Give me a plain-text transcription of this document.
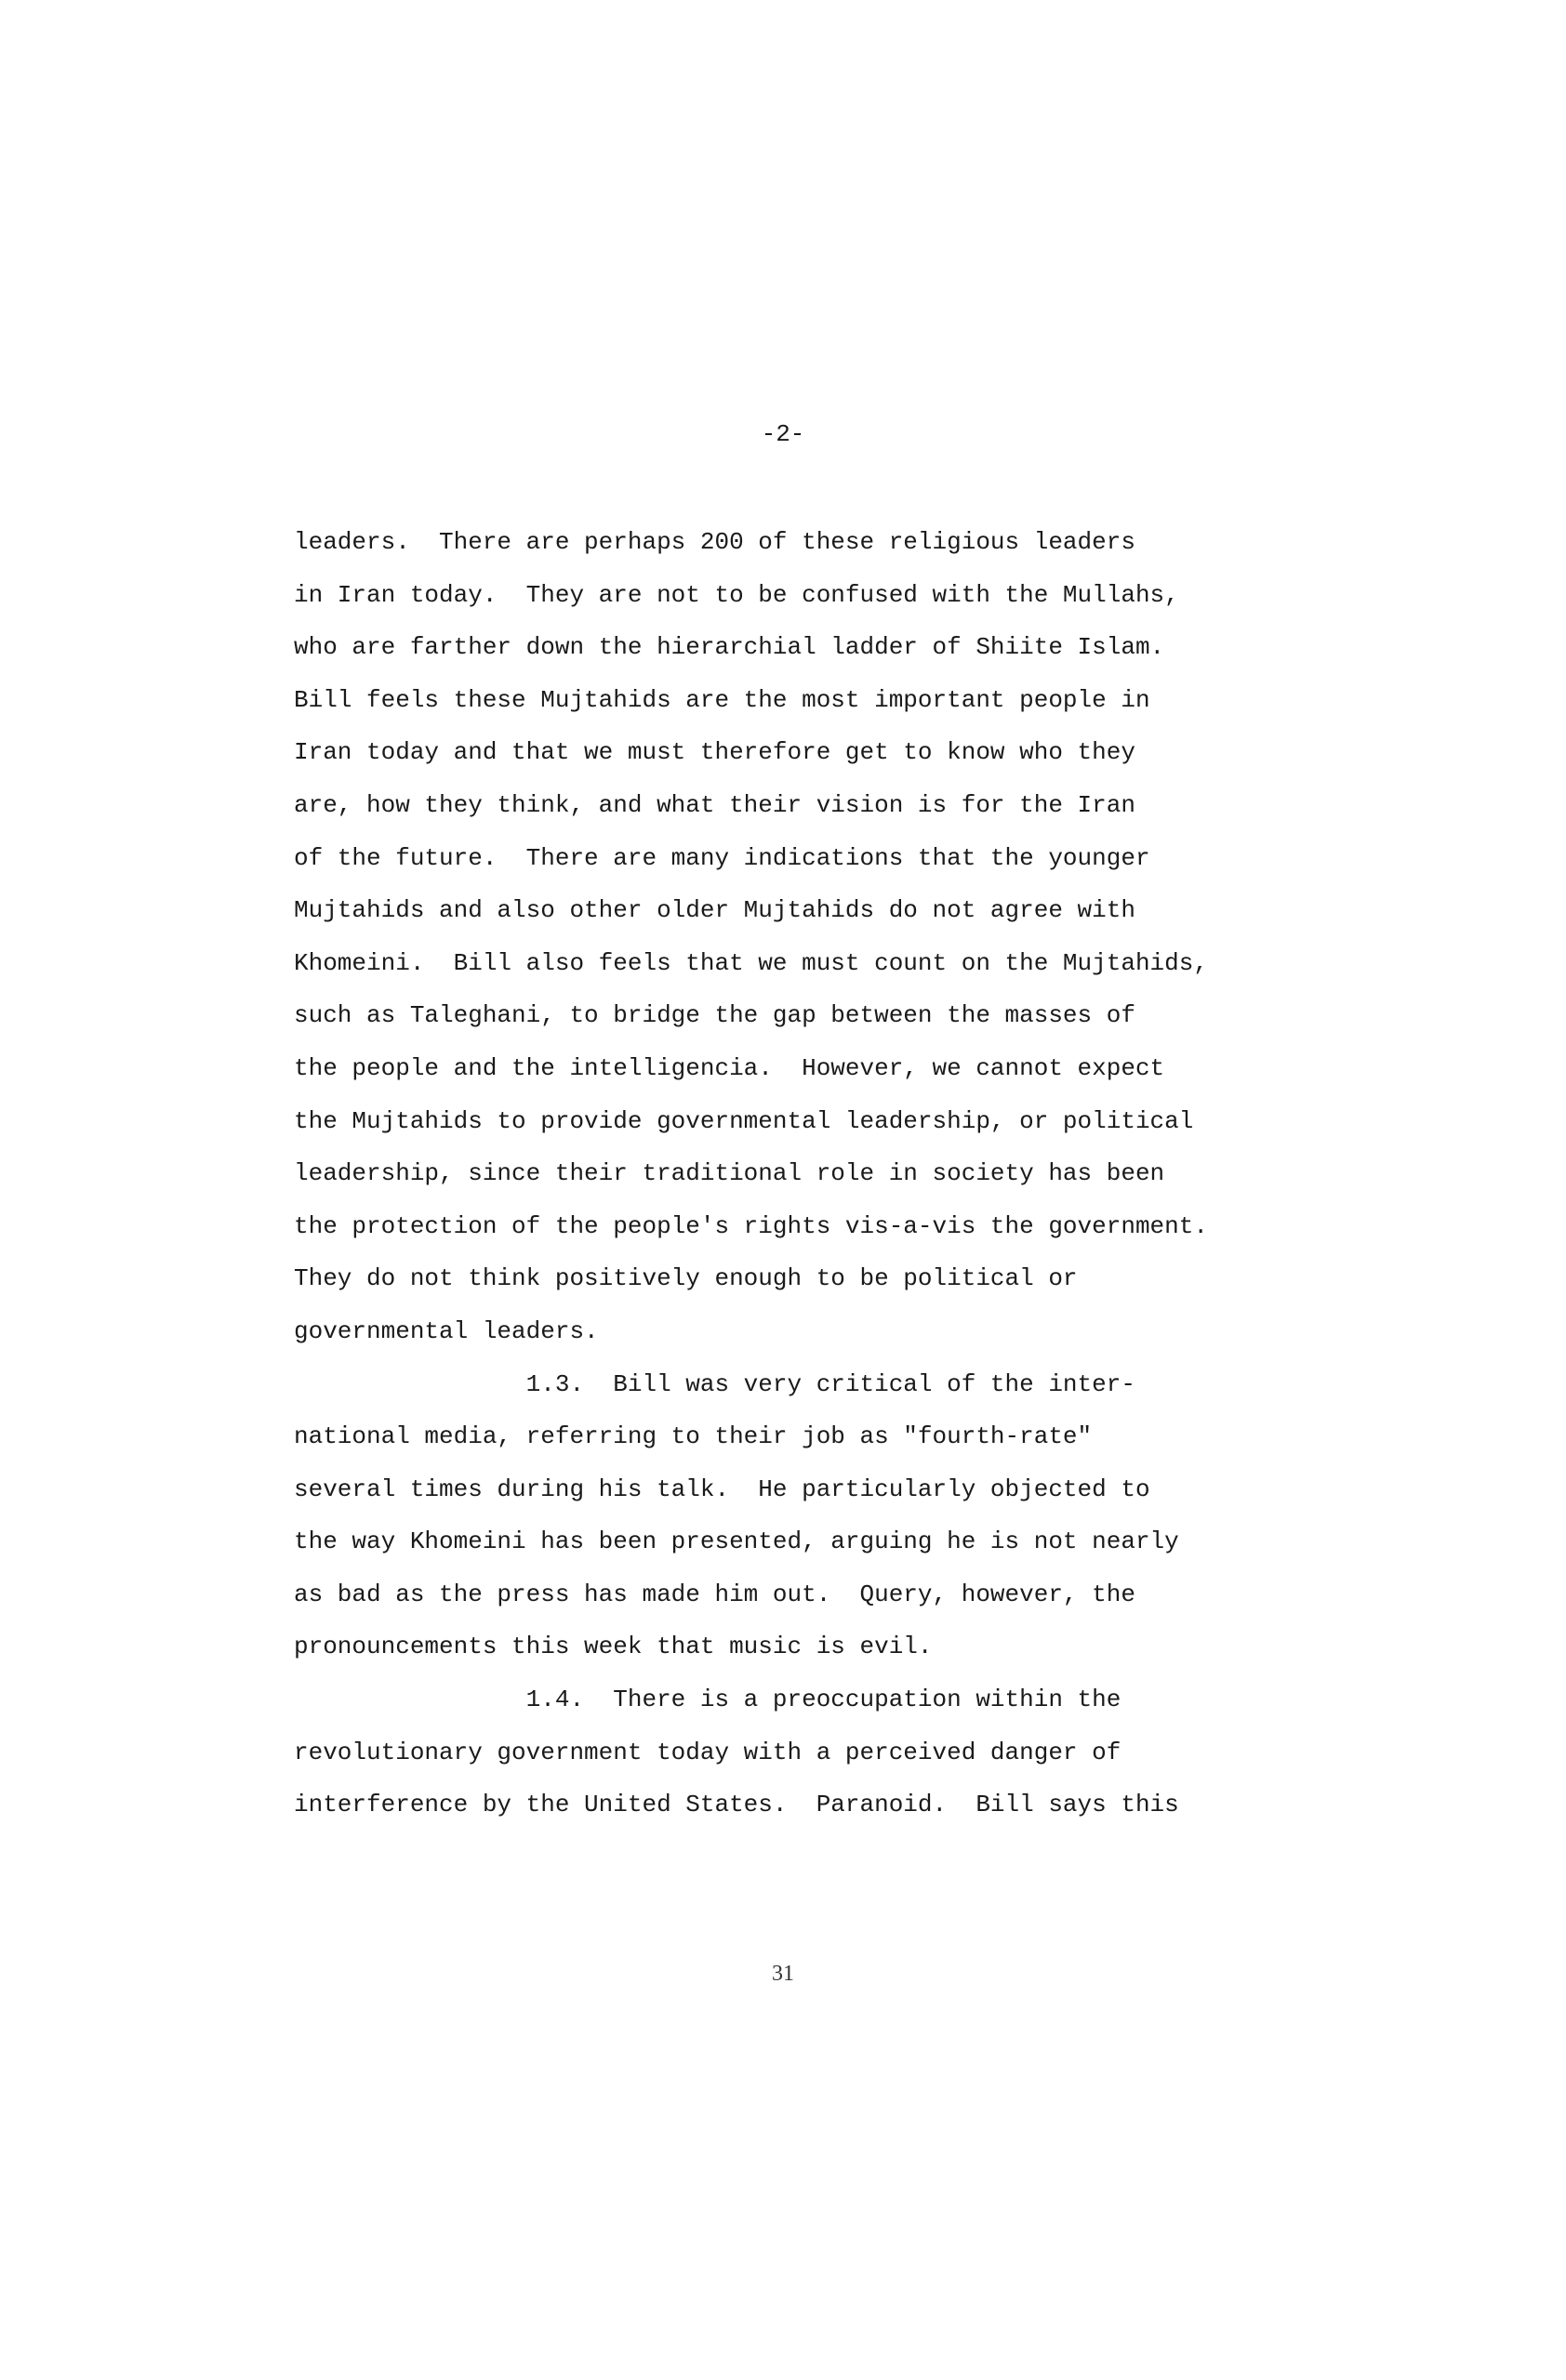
-2-
leaders.  There are perhaps 200 of these religious leaders
in Iran today.  They are not to be confused with the Mullahs,
who are farther down the hierarchial ladder of Shiite Islam.
Bill feels these Mujtahids are the most important people in
Iran today and that we must therefore get to know who they
are, how they think, and what their vision is for the Iran
of the future.  There are many indications that the younger
Mujtahids and also other older Mujtahids do not agree with
Khomeini.  Bill also feels that we must count on the Mujtahids,
such as Taleghani, to bridge the gap between the masses of
the people and the intelligencia.  However, we cannot expect
the Mujtahids to provide governmental leadership, or political
leadership, since their traditional role in society has been
the protection of the people's rights vis-a-vis the government.
They do not think positively enough to be political or
governmental leaders.
1.3.  Bill was very critical of the inter-
national media, referring to their job as "fourth-rate"
several times during his talk.  He particularly objected to
the way Khomeini has been presented, arguing he is not nearly
as bad as the press has made him out.  Query, however, the
pronouncements this week that music is evil.
1.4.  There is a preoccupation within the
revolutionary government today with a perceived danger of
interference by the United States.  Paranoid.  Bill says this
31
